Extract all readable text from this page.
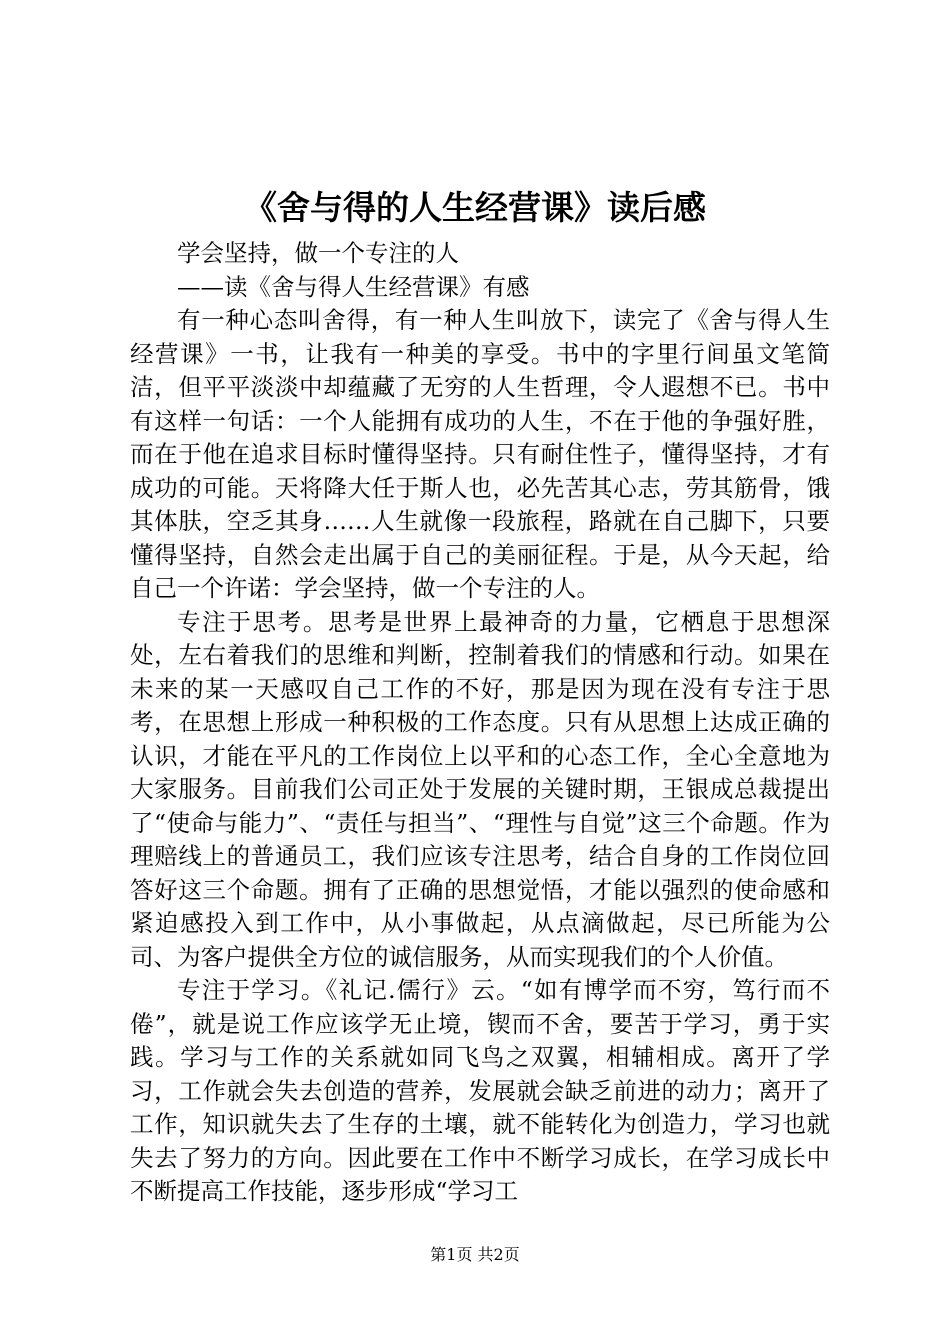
《舍与得的人生经营课》读后感

学会坚持，做一个专注的人

——读《舍与得人生经营课》有感

有一种心态叫舍得，有一种人生叫放下，读完了《舍与得人生经营课》一书，让我有一种美的享受。书中的字里行间虽文笔简洁，但平平淡淡中却蕴藏了无穷的人生哲理，令人遐想不已。书中有这样一句话：一个人能拥有成功的人生，不在于他的争强好胜，而在于他在追求目标时懂得坚持。只有耐住性子，懂得坚持，才有成功的可能。天将降大任于斯人也，必先苦其心志，劳其筋骨，饿其体肤，空乏其身……人生就像一段旅程，路就在自己脚下，只要懂得坚持，自然会走出属于自己的美丽征程。于是，从今天起，给自己一个许诺：学会坚持，做一个专注的人。

专注于思考。思考是世界上最神奇的力量，它栖息于思想深处，左右着我们的思维和判断，控制着我们的情感和行动。如果在未来的某一天感叹自己工作的不好，那是因为现在没有专注于思考，在思想上形成一种积极的工作态度。只有从思想上达成正确的认识，才能在平凡的工作岗位上以平和的心态工作，全心全意地为大家服务。目前我们公司正处于发展的关键时期，王银成总裁提出了“使命与能力”、“责任与担当”、“理性与自觉”这三个命题。作为理赔线上的普通员工，我们应该专注思考，结合自身的工作岗位回答好这三个命题。拥有了正确的思想觉悟，才能以强烈的使命感和紧迫感投入到工作中，从小事做起，从点滴做起，尽已所能为公司、为客户提供全方位的诚信服务，从而实现我们的个人价值。

专注于学习。《礼记.儒行》云。“如有博学而不穷，笃行而不倦”，就是说工作应该学无止境，锲而不舍，要苦于学习，勇于实践。学习与工作的关系就如同飞鸟之双翼，相辅相成。离开了学习，工作就会失去创造的营养，发展就会缺乏前进的动力；离开了工作，知识就失去了生存的土壤，就不能转化为创造力，学习也就失去了努力的方向。因此要在工作中不断学习成长，在学习成长中不断提高工作技能，逐步形成“学习工

第1页 共2页
